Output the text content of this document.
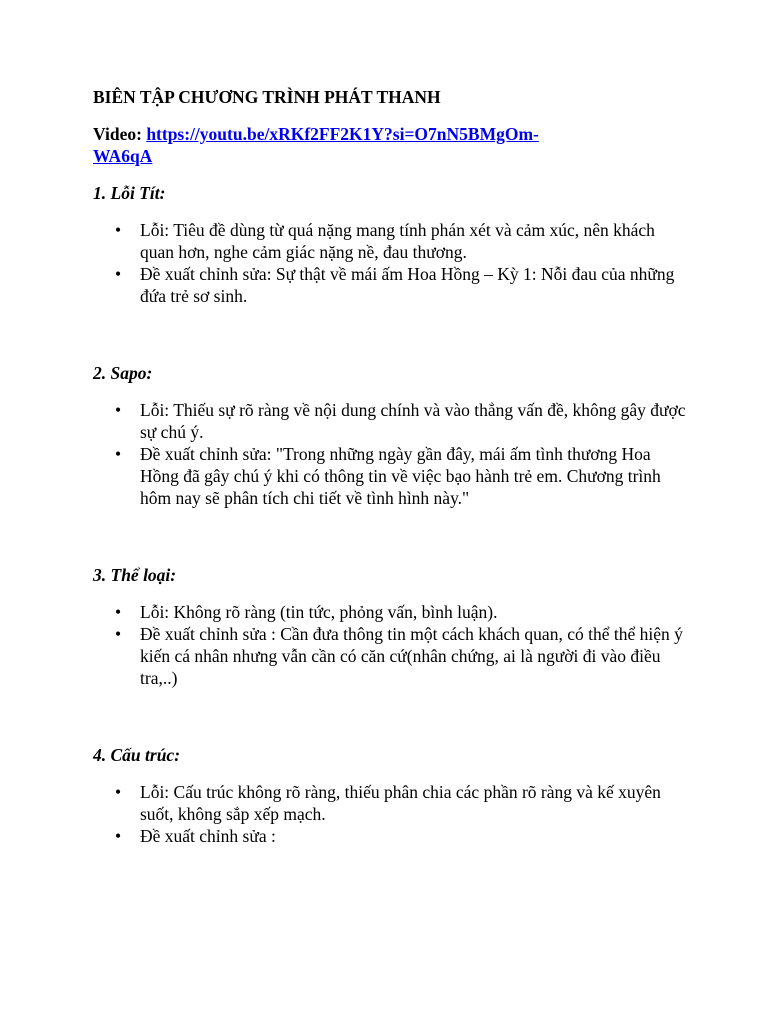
BIÊN TẬP CHƯƠNG TRÌNH PHÁT THANH

Video: https://youtu.be/xRKf2FF2K1Y?si=O7nN5BMgOm-
WA6qA

1. Lỗi Tít:

• Lỗi: Tiêu đề dùng từ quá nặng mang tính phán xét và cảm xúc, nên khách quan hơn, nghe cảm giác nặng nề, đau thương.
• Đề xuất chỉnh sửa: Sự thật về mái ấm Hoa Hồng – Kỳ 1: Nỗi đau của những đứa trẻ sơ sinh.

2. Sapo:

• Lỗi: Thiếu sự rõ ràng về nội dung chính và vào thẳng vấn đề, không gây được sự chú ý.
• Đề xuất chỉnh sửa: "Trong những ngày gần đây, mái ấm tình thương Hoa Hồng đã gây chú ý khi có thông tin về việc bạo hành trẻ em. Chương trình hôm nay sẽ phân tích chi tiết về tình hình này."

3. Thể loại:

• Lỗi: Không rõ ràng (tin tức, phỏng vấn, bình luận).
• Đề xuất chỉnh sửa : Cần đưa thông tin một cách khách quan, có thể thể hiện ý kiến cá nhân nhưng vẫn cần có căn cứ(nhân chứng, ai là người đi vào điều tra,..)

4. Cấu trúc:

• Lỗi: Cấu trúc không rõ ràng, thiếu phân chia các phần rõ ràng và kế xuyên suốt, không sắp xếp mạch.
• Đề xuất chỉnh sửa :
